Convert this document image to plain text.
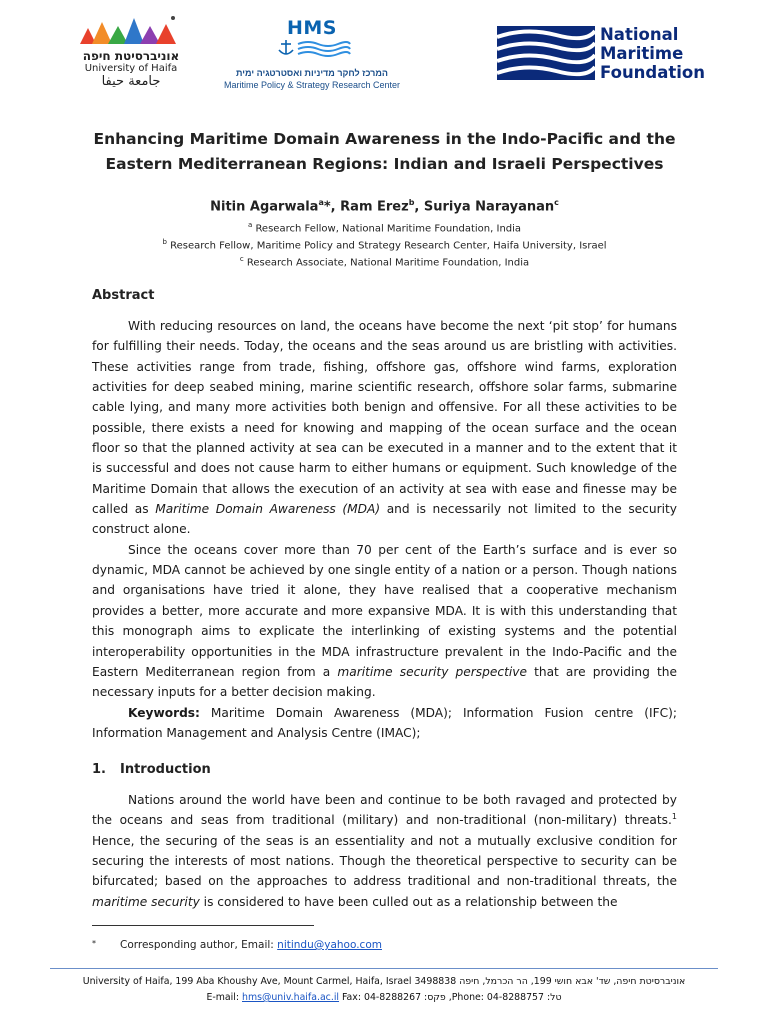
אוניברסיטת חיפה
University of Haifa
جامعة حيفا
HMS
המרכז לחקר מדיניות ואסטרטגיה ימית
Maritime Policy & Strategy Research Center
National
Maritime
Foundation
Enhancing Maritime Domain Awareness in the Indo-Pacific and the
Eastern Mediterranean Regions: Indian and Israeli Perspectives
Nitin Agarwala$^a$*, Ram Erez$^b$, Suriya Narayanan$^c$
$^a$ Research Fellow, National Maritime Foundation, India
$^b$ Research Fellow, Maritime Policy and Strategy Research Center, Haifa University, Israel
$^c$ Research Associate, National Maritime Foundation, India
Abstract

With reducing resources on land, the oceans have become the next ‘pit stop’ for humans for fulfilling their needs. Today, the oceans and the seas around us are bristling with activities. These activities range from trade, fishing, offshore gas, offshore wind farms, exploration activities for deep seabed mining, marine scientific research, offshore solar farms, submarine cable lying, and many more activities both benign and offensive. For all these activities to be possible, there exists a need for knowing and mapping of the ocean surface and the ocean floor so that the planned activity at sea can be executed in a manner and to the extent that it is successful and does not cause harm to either humans or equipment. Such knowledge of the Maritime Domain that allows the execution of an activity at sea with ease and finesse may be called as Maritime Domain Awareness (MDA) and is necessarily not limited to the security construct alone.

Since the oceans cover more than 70 per cent of the Earth’s surface and is ever so dynamic, MDA cannot be achieved by one single entity of a nation or a person. Though nations and organisations have tried it alone, they have realised that a cooperative mechanism provides a better, more accurate and more expansive MDA. It is with this understanding that this monograph aims to explicate the interlinking of existing systems and the potential interoperability opportunities in the MDA infrastructure prevalent in the Indo-Pacific and the Eastern Mediterranean region from a maritime security perspective that are providing the necessary inputs for a better decision making.

Keywords: Maritime Domain Awareness (MDA); Information Fusion centre (IFC); Information Management and Analysis Centre (IMAC);

1. Introduction

Nations around the world have been and continue to be both ravaged and protected by the oceans and seas from traditional (military) and non-traditional (non-military) threats.$^1$ Hence, the securing of the seas is an essentiality and not a mutually exclusive condition for securing the interests of most nations. Though the theoretical perspective to security can be bifurcated; based on the approaches to address traditional and non-traditional threats, the maritime security is considered to have been culled out as a relationship between the

* Corresponding author, Email: nitindu@yahoo.com
University of Haifa, 199 Aba Khoushy Ave, Mount Carmel, Haifa, Israel 3498838 אוניברסיטת חיפה, שד' אבא חושי 199, הר הכרמל, חיפה
E-mail: hms@univ.haifa.ac.il Fax: 04-8288267 :פקס ,Phone: 04-8288757 :טל
